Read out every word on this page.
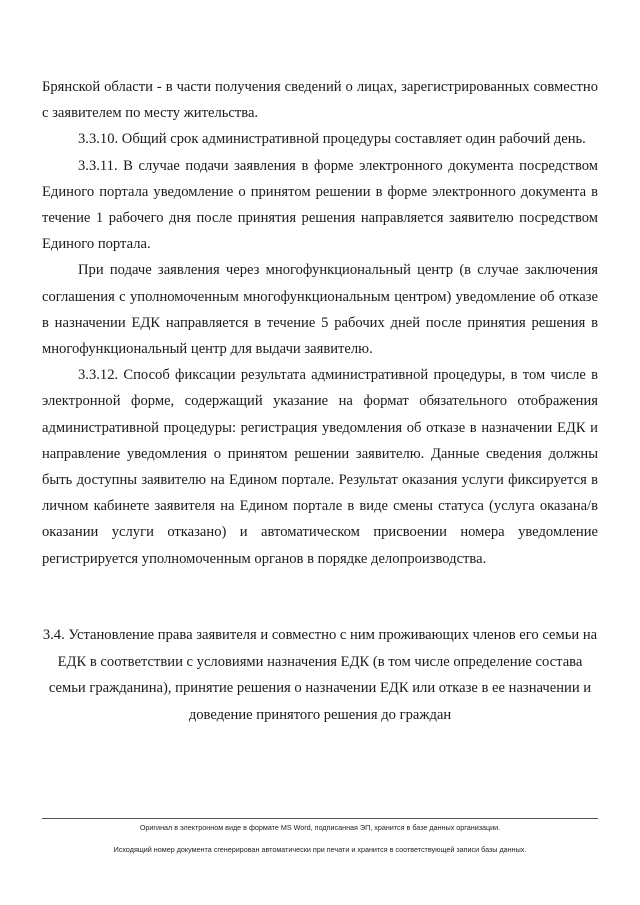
Брянской области - в части получения сведений о лицах, зарегистрированных совместно с заявителем по месту жительства.

3.3.10. Общий срок административной процедуры составляет один рабочий день.

3.3.11. В случае подачи заявления в форме электронного документа посредством Единого портала уведомление о принятом решении в форме электронного документа в течение 1 рабочего дня после принятия решения направляется заявителю посредством Единого портала.

При подаче заявления через многофункциональный центр (в случае заключения соглашения с уполномоченным многофункциональным центром) уведомление об отказе в назначении ЕДК направляется в течение 5 рабочих дней после принятия решения в многофункциональный центр для выдачи заявителю.

3.3.12. Способ фиксации результата административной процедуры, в том числе в электронной форме, содержащий указание на формат обязательного отображения административной процедуры: регистрация уведомления об отказе в назначении ЕДК и направление уведомления о принятом решении заявителю. Данные сведения должны быть доступны заявителю на Едином портале. Результат оказания услуги фиксируется в личном кабинете заявителя на Едином портале в виде смены статуса (услуга оказана/в оказании услуги отказано) и автоматическом присвоении номера уведомление регистрируется уполномоченным органов в порядке делопроизводства.

3.4. Установление права заявителя и совместно с ним проживающих членов его семьи на ЕДК в соответствии с условиями назначения ЕДК (в том числе определение состава семьи гражданина), принятие решения о назначении ЕДК или отказе в ее назначении и доведение принятого решения до граждан
Оригинал в электронном виде в формате MS Word, подписанная ЭП, хранится в базе данных организации.
Исходящий номер документа сгенерирован автоматически при печати и хранится в соответствующей записи базы данных.
